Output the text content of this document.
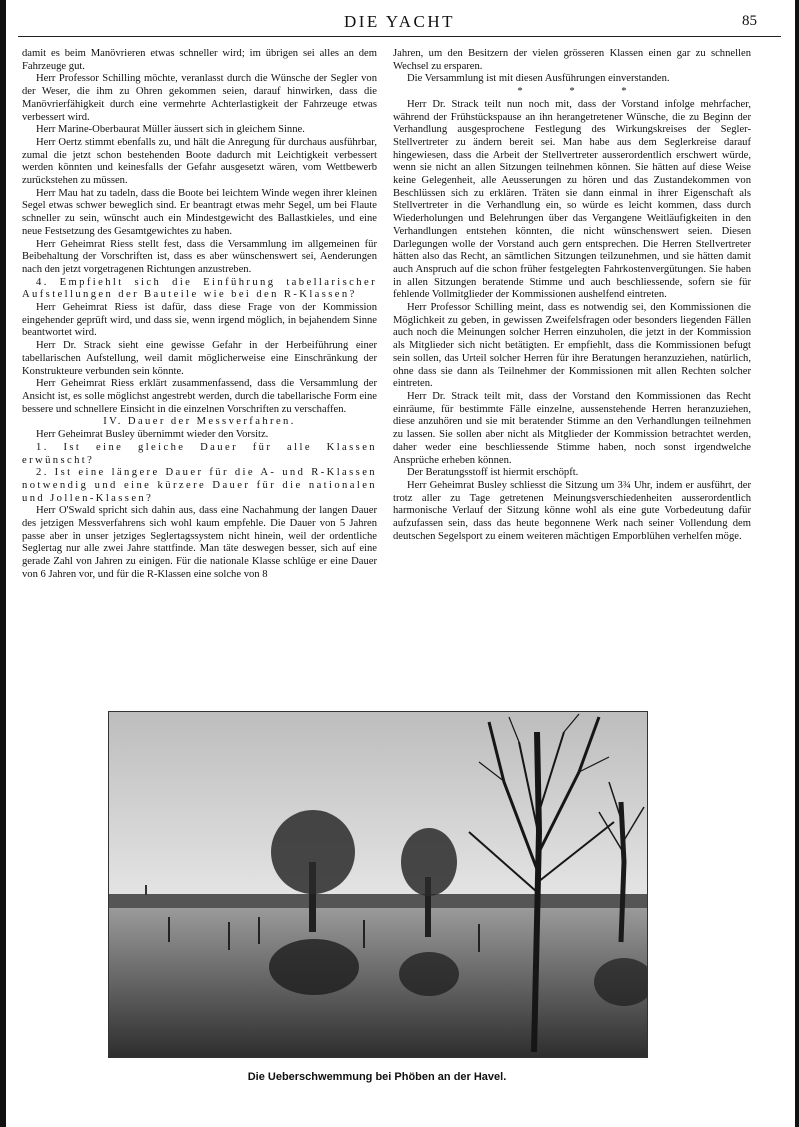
DIE YACHT	85

damit es beim Manövrieren etwas schneller wird; im übrigen sei alles an dem Fahrzeuge gut.

Herr Professor Schilling möchte, veranlasst durch die Wünsche der Segler von der Weser, die ihm zu Ohren gekommen seien, darauf hinwirken, dass die Manövrierfähigkeit durch eine vermehrte Achterlastigkeit der Fahrzeuge etwas verbessert wird.

Herr Marine-Oberbaurat Müller äussert sich in gleichem Sinne.

Herr Oertz stimmt ebenfalls zu, und hält die Anregung für durchaus ausführbar, zumal die jetzt schon bestehenden Boote dadurch mit Leichtigkeit verbessert werden könnten und keinesfalls der Gefahr ausgesetzt wären, vom Wettbewerb zurückstehen zu müssen.

Herr Mau hat zu tadeln, dass die Boote bei leichtem Winde wegen ihrer kleinen Segel etwas schwer beweglich sind. Er beantragt etwas mehr Segel, um bei Flaute schneller zu sein, wünscht auch ein Mindestgewicht des Ballastkieles, und eine neue Festsetzung des Gesamtgewichtes zu haben.

Herr Geheimrat Riess stellt fest, dass die Versammlung im allgemeinen für Beibehaltung der Vorschriften ist, dass es aber wünschenswert sei, Aenderungen nach den jetzt vorgetragenen Richtungen anzustreben.

4. Empfiehlt sich die Einführung tabellarischer Aufstellungen der Bauteile wie bei den R-Klassen?

Herr Geheimrat Riess ist dafür, dass diese Frage von der Kommission eingehender geprüft wird, und dass sie, wenn irgend möglich, in bejahendem Sinne beantwortet wird.

Herr Dr. Strack sieht eine gewisse Gefahr in der Herbeiführung einer tabellarischen Aufstellung, weil damit möglicherweise eine Einschränkung der Konstrukteure verbunden sein könnte.

Herr Geheimrat Riess erklärt zusammenfassend, dass die Versammlung der Ansicht ist, es solle möglichst angestrebt werden, durch die tabellarische Form eine bessere und schnellere Einsicht in die einzelnen Vorschriften zu verschaffen.

IV. Dauer der Messverfahren.

Herr Geheimrat Busley übernimmt wieder den Vorsitz.

1. Ist eine gleiche Dauer für alle Klassen erwünscht?

2. Ist eine längere Dauer für die A- und R-Klassen notwendig und eine kürzere Dauer für die nationalen und Jollen-Klassen?

Herr O'Swald spricht sich dahin aus, dass eine Nachahmung der langen Dauer des jetzigen Messverfahrens sich wohl kaum empfehle. Die Dauer von 5 Jahren passe aber in unser jetziges Seglertagssystem nicht hinein, weil der ordentliche Seglertag nur alle zwei Jahre stattfinde. Man täte deswegen besser, sich auf eine gerade Zahl von Jahren zu einigen. Für die nationale Klasse schlüge er eine Dauer von 6 Jahren vor, und für die R-Klassen eine solche von 8

Jahren, um den Besitzern der vielen grösseren Klassen einen gar zu schnellen Wechsel zu ersparen.

Die Versammlung ist mit diesen Ausführungen einverstanden.

* * *

Herr Dr. Strack teilt nun noch mit, dass der Vorstand infolge mehrfacher, während der Frühstückspause an ihn herangetretener Wünsche, die zu Beginn der Verhandlung ausgesprochene Festlegung des Wirkungskreises der Segler-Stellvertreter zu ändern bereit sei. Man habe aus dem Seglerkreise darauf hingewiesen, dass die Arbeit der Stellvertreter ausserordentlich erschwert würde, wenn sie nicht an allen Sitzungen teilnehmen können. Sie hätten auf diese Weise keine Gelegenheit, alle Aeusserungen zu hören und das Zustandekommen von Beschlüssen sich zu erklären. Träten sie dann einmal in ihrer Eigenschaft als Stellvertreter in die Verhandlung ein, so würde es leicht kommen, dass durch Wiederholungen und Belehrungen über das Vergangene Weitläufigkeiten in den Verhandlungen entstehen könnten, die nicht wünschenswert seien. Diesen Darlegungen wolle der Vorstand auch gern entsprechen. Die Herren Stellvertreter hätten also das Recht, an sämtlichen Sitzungen teilzunehmen, und sie hätten damit auch Anspruch auf die schon früher festgelegten Fahrkostenvergütungen. Sie haben in allen Sitzungen beratende Stimme und auch beschliessende, sofern sie für fehlende Vollmitglieder der Kommissionen aushelfend eintreten.

Herr Professor Schilling meint, dass es notwendig sei, den Kommissionen die Möglichkeit zu geben, in gewissen Zweifelsfragen oder besonders liegenden Fällen auch noch die Meinungen solcher Herren einzuholen, die jetzt in der Kommission als Mitglieder sich nicht betätigten. Er empfiehlt, dass die Kommissionen befugt sein sollen, das Urteil solcher Herren für ihre Beratungen heranzuziehen, natürlich, ohne dass sie dann als Teilnehmer der Kommissionen mit allen Rechten solcher eintreten.

Herr Dr. Strack teilt mit, dass der Vorstand den Kommissionen das Recht einräume, für bestimmte Fälle einzelne, aussenstehende Herren heranzuziehen, diese anzuhören und sie mit beratender Stimme an den Verhandlungen teilnehmen zu lassen. Sie sollen aber nicht als Mitglieder der Kommission betrachtet werden, daher weder eine beschliessende Stimme haben, noch sonst irgendwelche Ansprüche erheben können.

Der Beratungsstoff ist hiermit erschöpft.

Herr Geheimrat Busley schliesst die Sitzung um 3¾ Uhr, indem er ausführt, der trotz aller zu Tage getretenen Meinungsverschiedenheiten ausserordentlich harmonische Verlauf der Sitzung könne wohl als eine gute Vorbedeutung dafür aufzufassen sein, dass das heute begonnene Werk nach seiner Vollendung dem deutschen Segelsport zu einem weiteren mächtigen Emporblühen verhelfen möge.

Die Ueberschwemmung bei Phöben an der Havel.
